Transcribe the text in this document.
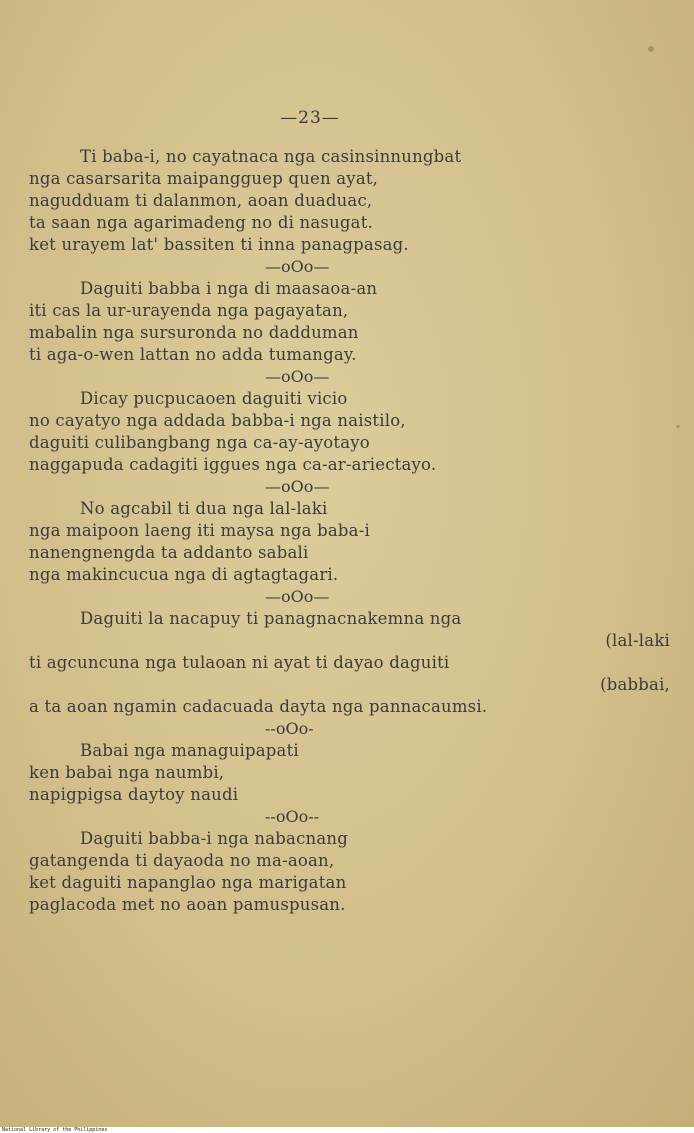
—23—
Ti baba-i, no cayatnaca nga casinsinnungbat
nga casarsarita maipangguep quen ayat,
nagudduam ti dalanmon, aoan duaduac,
ta saan nga agarimadeng no di nasugat.
ket urayem lat' bassiten ti inna panagpasag.
—oOo—
Daguiti babba i nga di maasaoa-an
iti cas la ur-urayenda nga pagayatan,
mabalin nga sursuronda no dadduman
ti aga-o-wen lattan no adda tumangay.
—oOo—
Dicay pucpucaoen daguiti vicio
no cayatyo nga addada babba-i nga naistilo,
daguiti culibangbang nga ca-ay-ayotayo
naggapuda cadagiti iggues nga ca-ar-ariectayo.
—oOo—
No agcabil ti dua nga lal-laki
nga maipoon laeng iti maysa nga baba-i
nanengnengda ta addanto sabali
nga makincucua nga di agtagtagari.
—oOo—
Daguiti la nacapuy ti panagnacnakemna nga
(lal-laki
ti agcuncuna nga tulaoan ni ayat ti dayao daguiti
(babbai,
a ta aoan ngamin cadacuada dayta nga pannacaumsi.
--oOo-
Babai nga managuipapati
ken babai nga naumbi,
napigpigsa daytoy naudi
--oOo--
Daguiti babba-i nga nabacnang
gatangenda ti dayaoda no ma-aoan,
ket daguiti napanglao nga marigatan
paglacoda met no aoan pamuspusan.
National Library of the Philippines
